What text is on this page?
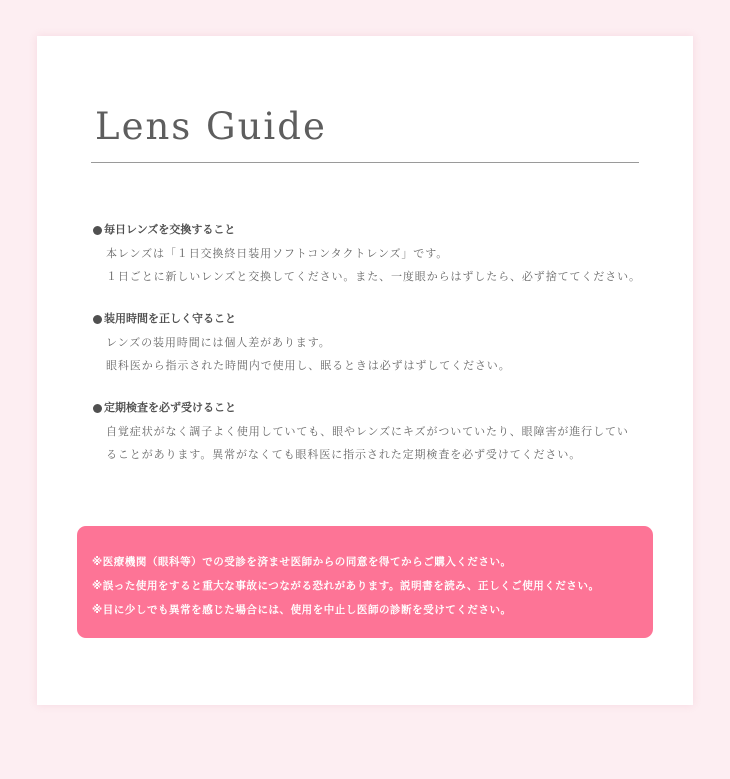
Lens Guide
毎日レンズを交換すること
本レンズは「１日交換終日装用ソフトコンタクトレンズ」です。
１日ごとに新しいレンズと交換してください。また、一度眼からはずしたら、必ず捨ててください。
装用時間を正しく守ること
レンズの装用時間には個人差があります。
眼科医から指示された時間内で使用し、眠るときは必ずはずしてください。
定期検査を必ず受けること
自覚症状がなく調子よく使用していても、眼やレンズにキズがついていたり、眼障害が進行してい
ることがあります。異常がなくても眼科医に指示された定期検査を必ず受けてください。
※医療機関（眼科等）での受診を済ませ医師からの同意を得てからご購入ください。
※誤った使用をすると重大な事故につながる恐れがあります。説明書を読み、正しくご使用ください。
※目に少しでも異常を感じた場合には、使用を中止し医師の診断を受けてください。
